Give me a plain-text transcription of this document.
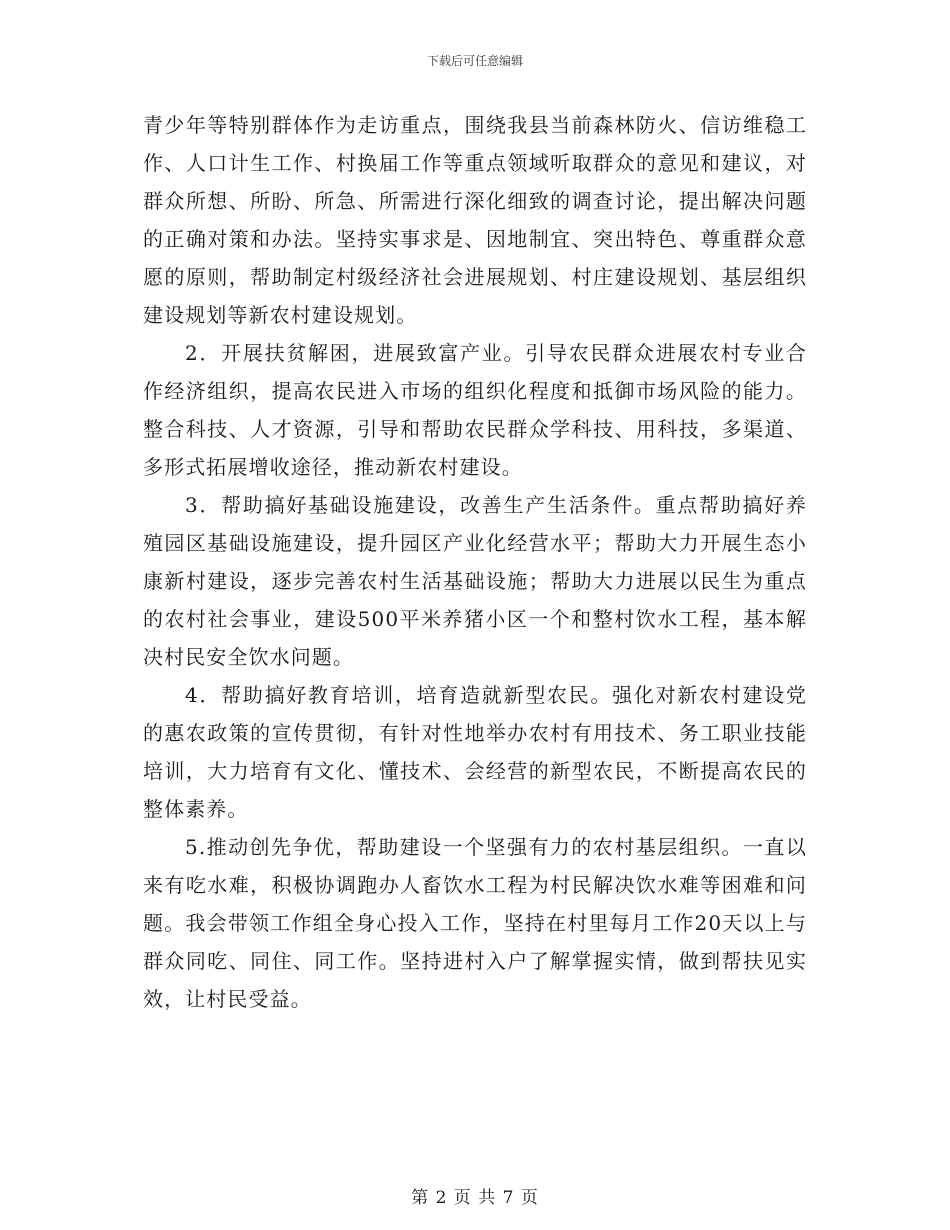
下载后可任意编辑

青少年等特别群体作为走访重点，围绕我县当前森林防火、信访维稳工作、人口计生工作、村换届工作等重点领域听取群众的意见和建议，对群众所想、所盼、所急、所需进行深化细致的调查讨论，提出解决问题的正确对策和办法。坚持实事求是、因地制宜、突出特色、尊重群众意愿的原则，帮助制定村级经济社会进展规划、村庄建设规划、基层组织建设规划等新农村建设规划。

2．开展扶贫解困，进展致富产业。引导农民群众进展农村专业合作经济组织，提高农民进入市场的组织化程度和抵御市场风险的能力。整合科技、人才资源，引导和帮助农民群众学科技、用科技，多渠道、多形式拓展增收途径，推动新农村建设。

3．帮助搞好基础设施建设，改善生产生活条件。重点帮助搞好养殖园区基础设施建设，提升园区产业化经营水平；帮助大力开展生态小康新村建设，逐步完善农村生活基础设施；帮助大力进展以民生为重点的农村社会事业，建设500平米养猪小区一个和整村饮水工程，基本解决村民安全饮水问题。

4．帮助搞好教育培训，培育造就新型农民。强化对新农村建设党的惠农政策的宣传贯彻，有针对性地举办农村有用技术、务工职业技能培训，大力培育有文化、懂技术、会经营的新型农民，不断提高农民的整体素养。

5.推动创先争优，帮助建设一个坚强有力的农村基层组织。一直以来有吃水难，积极协调跑办人畜饮水工程为村民解决饮水难等困难和问题。我会带领工作组全身心投入工作，坚持在村里每月工作20天以上与群众同吃、同住、同工作。坚持进村入户了解掌握实情，做到帮扶见实效，让村民受益。

第 2 页 共 7 页
